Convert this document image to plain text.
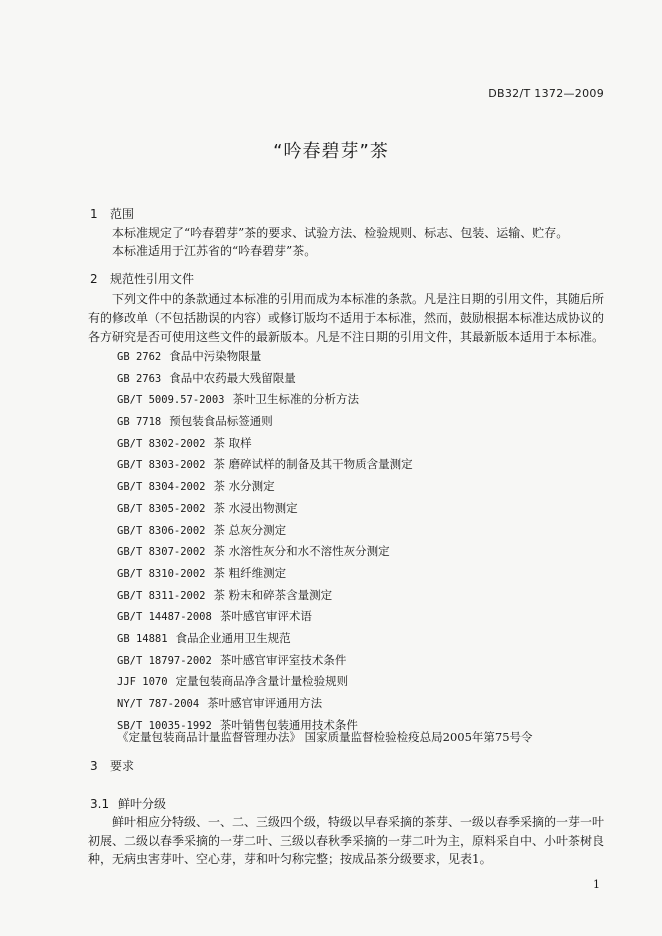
DB32/T 1372—2009
“吟春碧芽”茶
1 范围
本标准规定了“吟春碧芽”茶的要求、试验方法、检验规则、标志、包装、运输、贮存。
本标准适用于江苏省的“吟春碧芽”茶。
2 规范性引用文件
下列文件中的条款通过本标准的引用而成为本标准的条款。凡是注日期的引用文件，其随后所有的修改单（不包括勘误的内容）或修订版均不适用于本标准，然而，鼓励根据本标准达成协议的各方研究是否可使用这些文件的最新版本。凡是不注日期的引用文件，其最新版本适用于本标准。
GB 2762 食品中污染物限量
GB 2763 食品中农药最大残留限量
GB/T 5009.57-2003 茶叶卫生标准的分析方法
GB 7718 预包装食品标签通则
GB/T 8302-2002 茶 取样
GB/T 8303-2002 茶 磨碎试样的制备及其干物质含量测定
GB/T 8304-2002 茶 水分测定
GB/T 8305-2002 茶 水浸出物测定
GB/T 8306-2002 茶 总灰分测定
GB/T 8307-2002 茶 水溶性灰分和水不溶性灰分测定
GB/T 8310-2002 茶 粗纤维测定
GB/T 8311-2002 茶 粉末和碎茶含量测定
GB/T 14487-2008 茶叶感官审评术语
GB 14881 食品企业通用卫生规范
GB/T 18797-2002 茶叶感官审评室技术条件
JJF 1070 定量包装商品净含量计量检验规则
NY/T 787-2004 茶叶感官审评通用方法
SB/T 10035-1992 茶叶销售包装通用技术条件
《定量包装商品计量监督管理办法》 国家质量监督检验检疫总局2005年第75号令
3 要求
3.1 鲜叶分级
鲜叶相应分特级、一、二、三级四个级，特级以早春采摘的茶芽、一级以春季采摘的一芽一叶初展、二级以春季采摘的一芽二叶、三级以春秋季采摘的一芽二叶为主，原料采自中、小叶茶树良种，无病虫害芽叶、空心芽，芽和叶匀称完整；按成品茶分级要求，见表1。
1
